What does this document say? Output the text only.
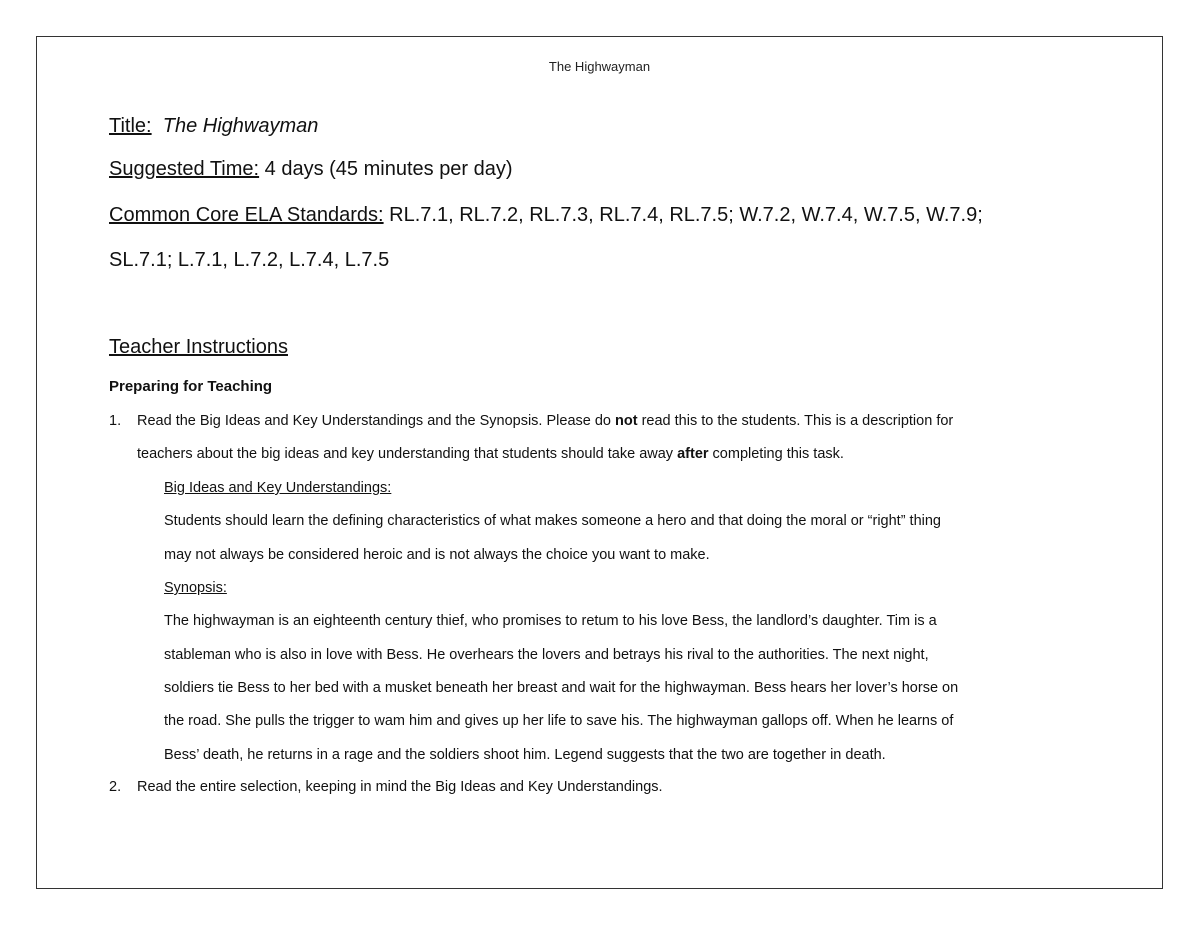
The Highwayman
Title: The Highwayman
Suggested Time: 4 days (45 minutes per day)
Common Core ELA Standards: RL.7.1, RL.7.2, RL.7.3, RL.7.4, RL.7.5; W.7.2, W.7.4, W.7.5, W.7.9;
SL.7.1; L.7.1, L.7.2, L.7.4, L.7.5
Teacher Instructions
Preparing for Teaching
1. Read the Big Ideas and Key Understandings and the Synopsis. Please do not read this to the students. This is a description for
teachers about the big ideas and key understanding that students should take away after completing this task.
Big Ideas and Key Understandings:
Students should learn the defining characteristics of what makes someone a hero and that doing the moral or “right” thing
may not always be considered heroic and is not always the choice you want to make.
Synopsis:
The highwayman is an eighteenth century thief, who promises to retum to his love Bess, the landlord’s daughter. Tim is a
stableman who is also in love with Bess. He overhears the lovers and betrays his rival to the authorities. The next night,
soldiers tie Bess to her bed with a musket beneath her breast and wait for the highwayman. Bess hears her lover’s horse on
the road. She pulls the trigger to wam him and gives up her life to save his. The highwayman gallops off. When he learns of
Bess’ death, he returns in a rage and the soldiers shoot him. Legend suggests that the two are together in death.
2. Read the entire selection, keeping in mind the Big Ideas and Key Understandings.
